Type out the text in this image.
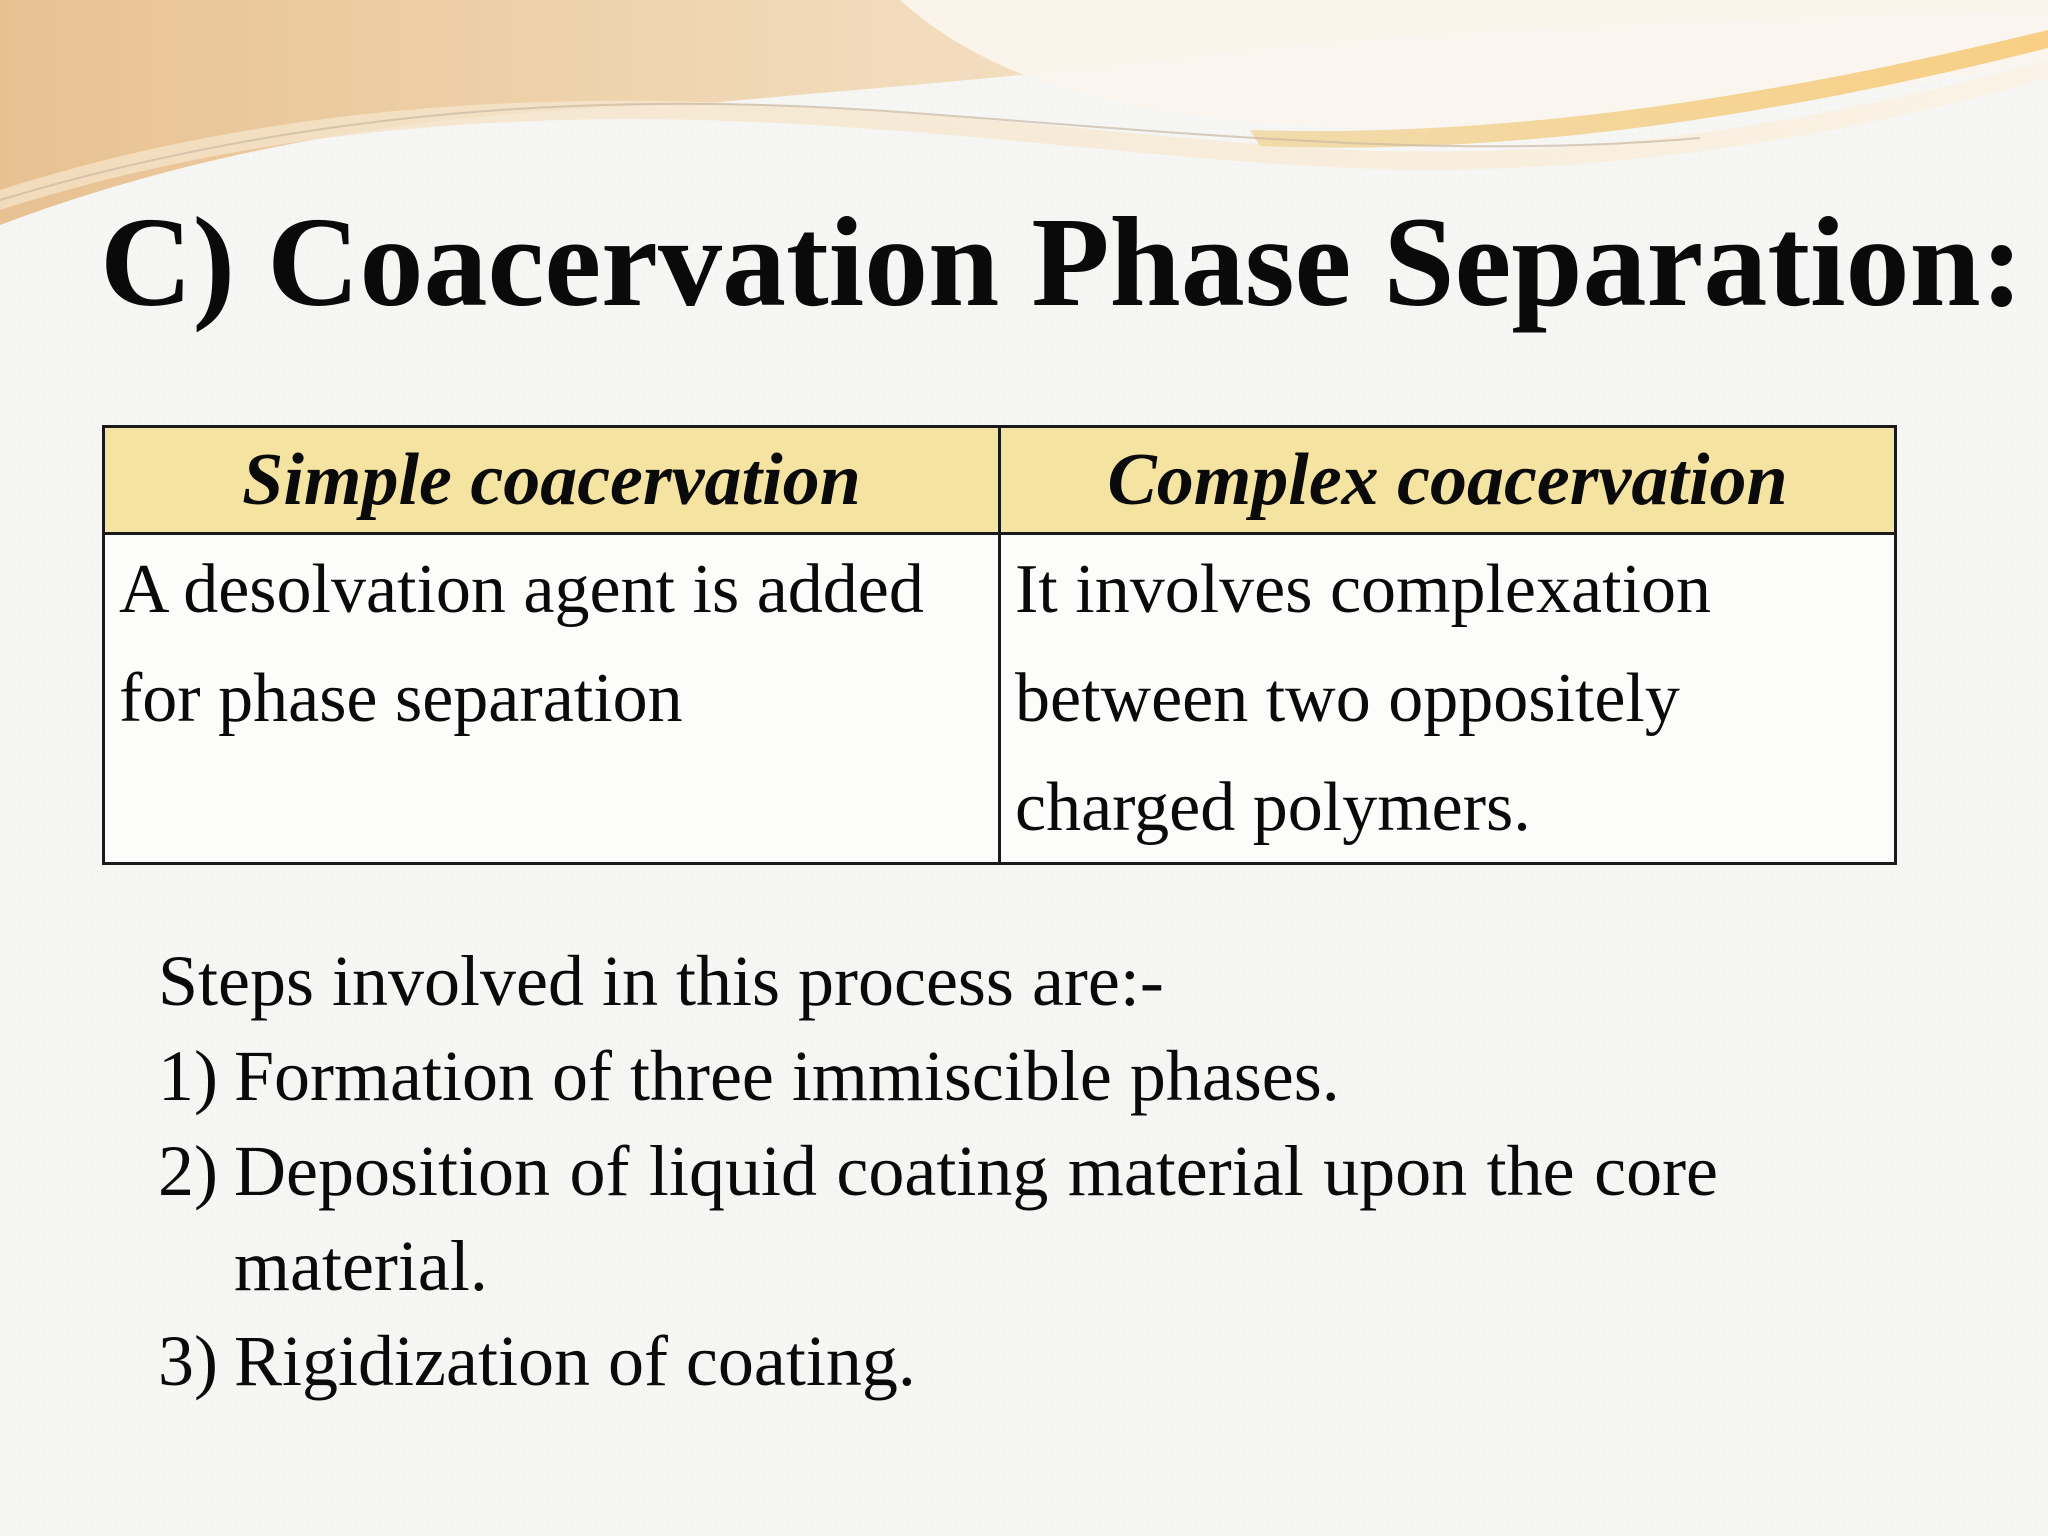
C) Coacervation Phase Separation:
Simple coacervation	Complex coacervation

A desolvation agent is added for phase separation	It involves complexation between two oppositely charged polymers.

Steps involved in this process are:-

1) Formation of three immiscible phases.
2) Deposition of liquid coating material upon the core material.
3) Rigidization of coating.
